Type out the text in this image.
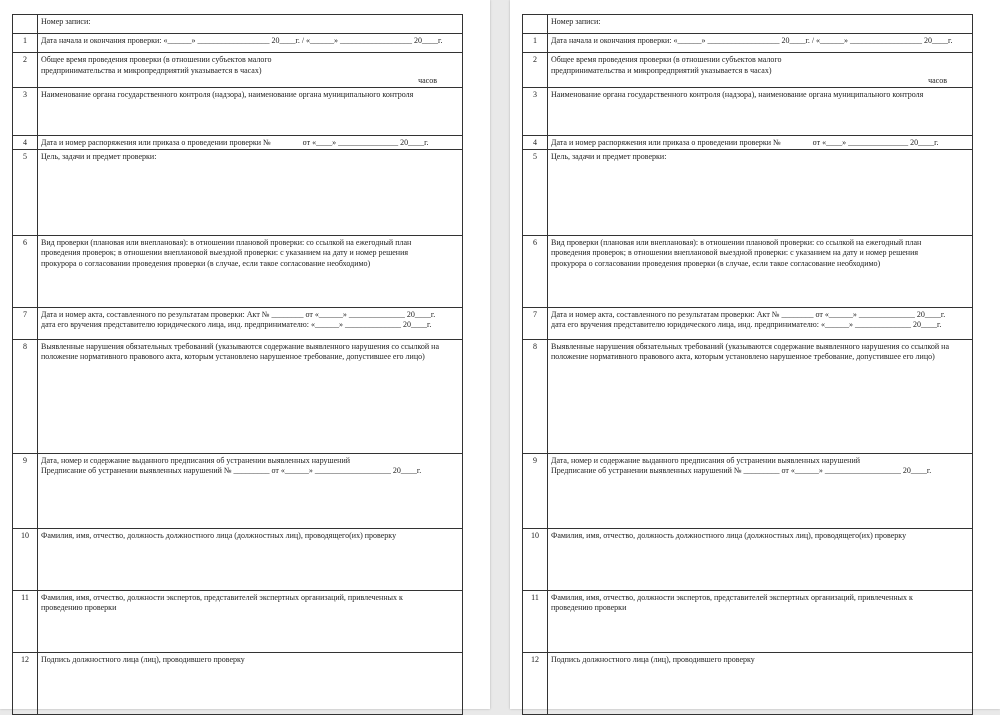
	Номер записи:

1	Дата начала и окончания проверки: «______» __________________ 20____г. / «______» __________________ 20____г.

2	Общее время проведения проверки (в отношении субъектов малого
предпринимательства и микропредприятий указывается в часах)
часов

3	Наименование органа государственного контроля (надзора), наименование органа муниципального контроля

4	Дата и номер распоряжения или приказа о проведении проверки №                от «____» _______________ 20____г.

5	Цель, задачи и предмет проверки:

6	Вид проверки (плановая или внеплановая): в отношении плановой проверки: со ссылкой на ежегодный план
проведения проверок; в отношении внеплановой выездной проверки: с указанием на дату и номер решения
прокурора о согласовании проведения проверки (в случае, если такое согласование необходимо)

7	Дата и номер акта, составленного по результатам проверки: Акт № ________ от «______» ______________ 20____г.
дата его вручения представителю юридического лица, инд. предпринимателю: «______» ______________ 20____г.

8	Выявленные нарушения обязательных требований (указываются содержание выявленного нарушения со ссылкой на
положение нормативного правового акта, которым установлено нарушенное требование, допустившее его лицо)

9	Дата, номер и содержание выданного предписания об устранении выявленных нарушений
Предписание об устранении выявленных нарушений № _________ от «______» ___________________ 20____г.

10	Фамилия, имя, отчество, должность должностного лица (должностных лиц), проводящего(их) проверку

11	Фамилия, имя, отчество, должности экспертов, представителей экспертных организаций, привлеченных к
проведению проверки

12	Подпись должностного лица (лиц), проводившего проверку

	Номер записи:

1	Дата начала и окончания проверки: «______» __________________ 20____г. / «______» __________________ 20____г.

2	Общее время проведения проверки (в отношении субъектов малого
предпринимательства и микропредприятий указывается в часах)
часов

3	Наименование органа государственного контроля (надзора), наименование органа муниципального контроля

4	Дата и номер распоряжения или приказа о проведении проверки №                от «____» _______________ 20____г.

5	Цель, задачи и предмет проверки:

6	Вид проверки (плановая или внеплановая): в отношении плановой проверки: со ссылкой на ежегодный план
проведения проверок; в отношении внеплановой выездной проверки: с указанием на дату и номер решения
прокурора о согласовании проведения проверки (в случае, если такое согласование необходимо)

7	Дата и номер акта, составленного по результатам проверки: Акт № ________ от «______» ______________ 20____г.
дата его вручения представителю юридического лица, инд. предпринимателю: «______» ______________ 20____г.

8	Выявленные нарушения обязательных требований (указываются содержание выявленного нарушения со ссылкой на
положение нормативного правового акта, которым установлено нарушенное требование, допустившее его лицо)

9	Дата, номер и содержание выданного предписания об устранении выявленных нарушений
Предписание об устранении выявленных нарушений № _________ от «______» ___________________ 20____г.

10	Фамилия, имя, отчество, должность должностного лица (должностных лиц), проводящего(их) проверку

11	Фамилия, имя, отчество, должности экспертов, представителей экспертных организаций, привлеченных к
проведению проверки

12	Подпись должностного лица (лиц), проводившего проверку
